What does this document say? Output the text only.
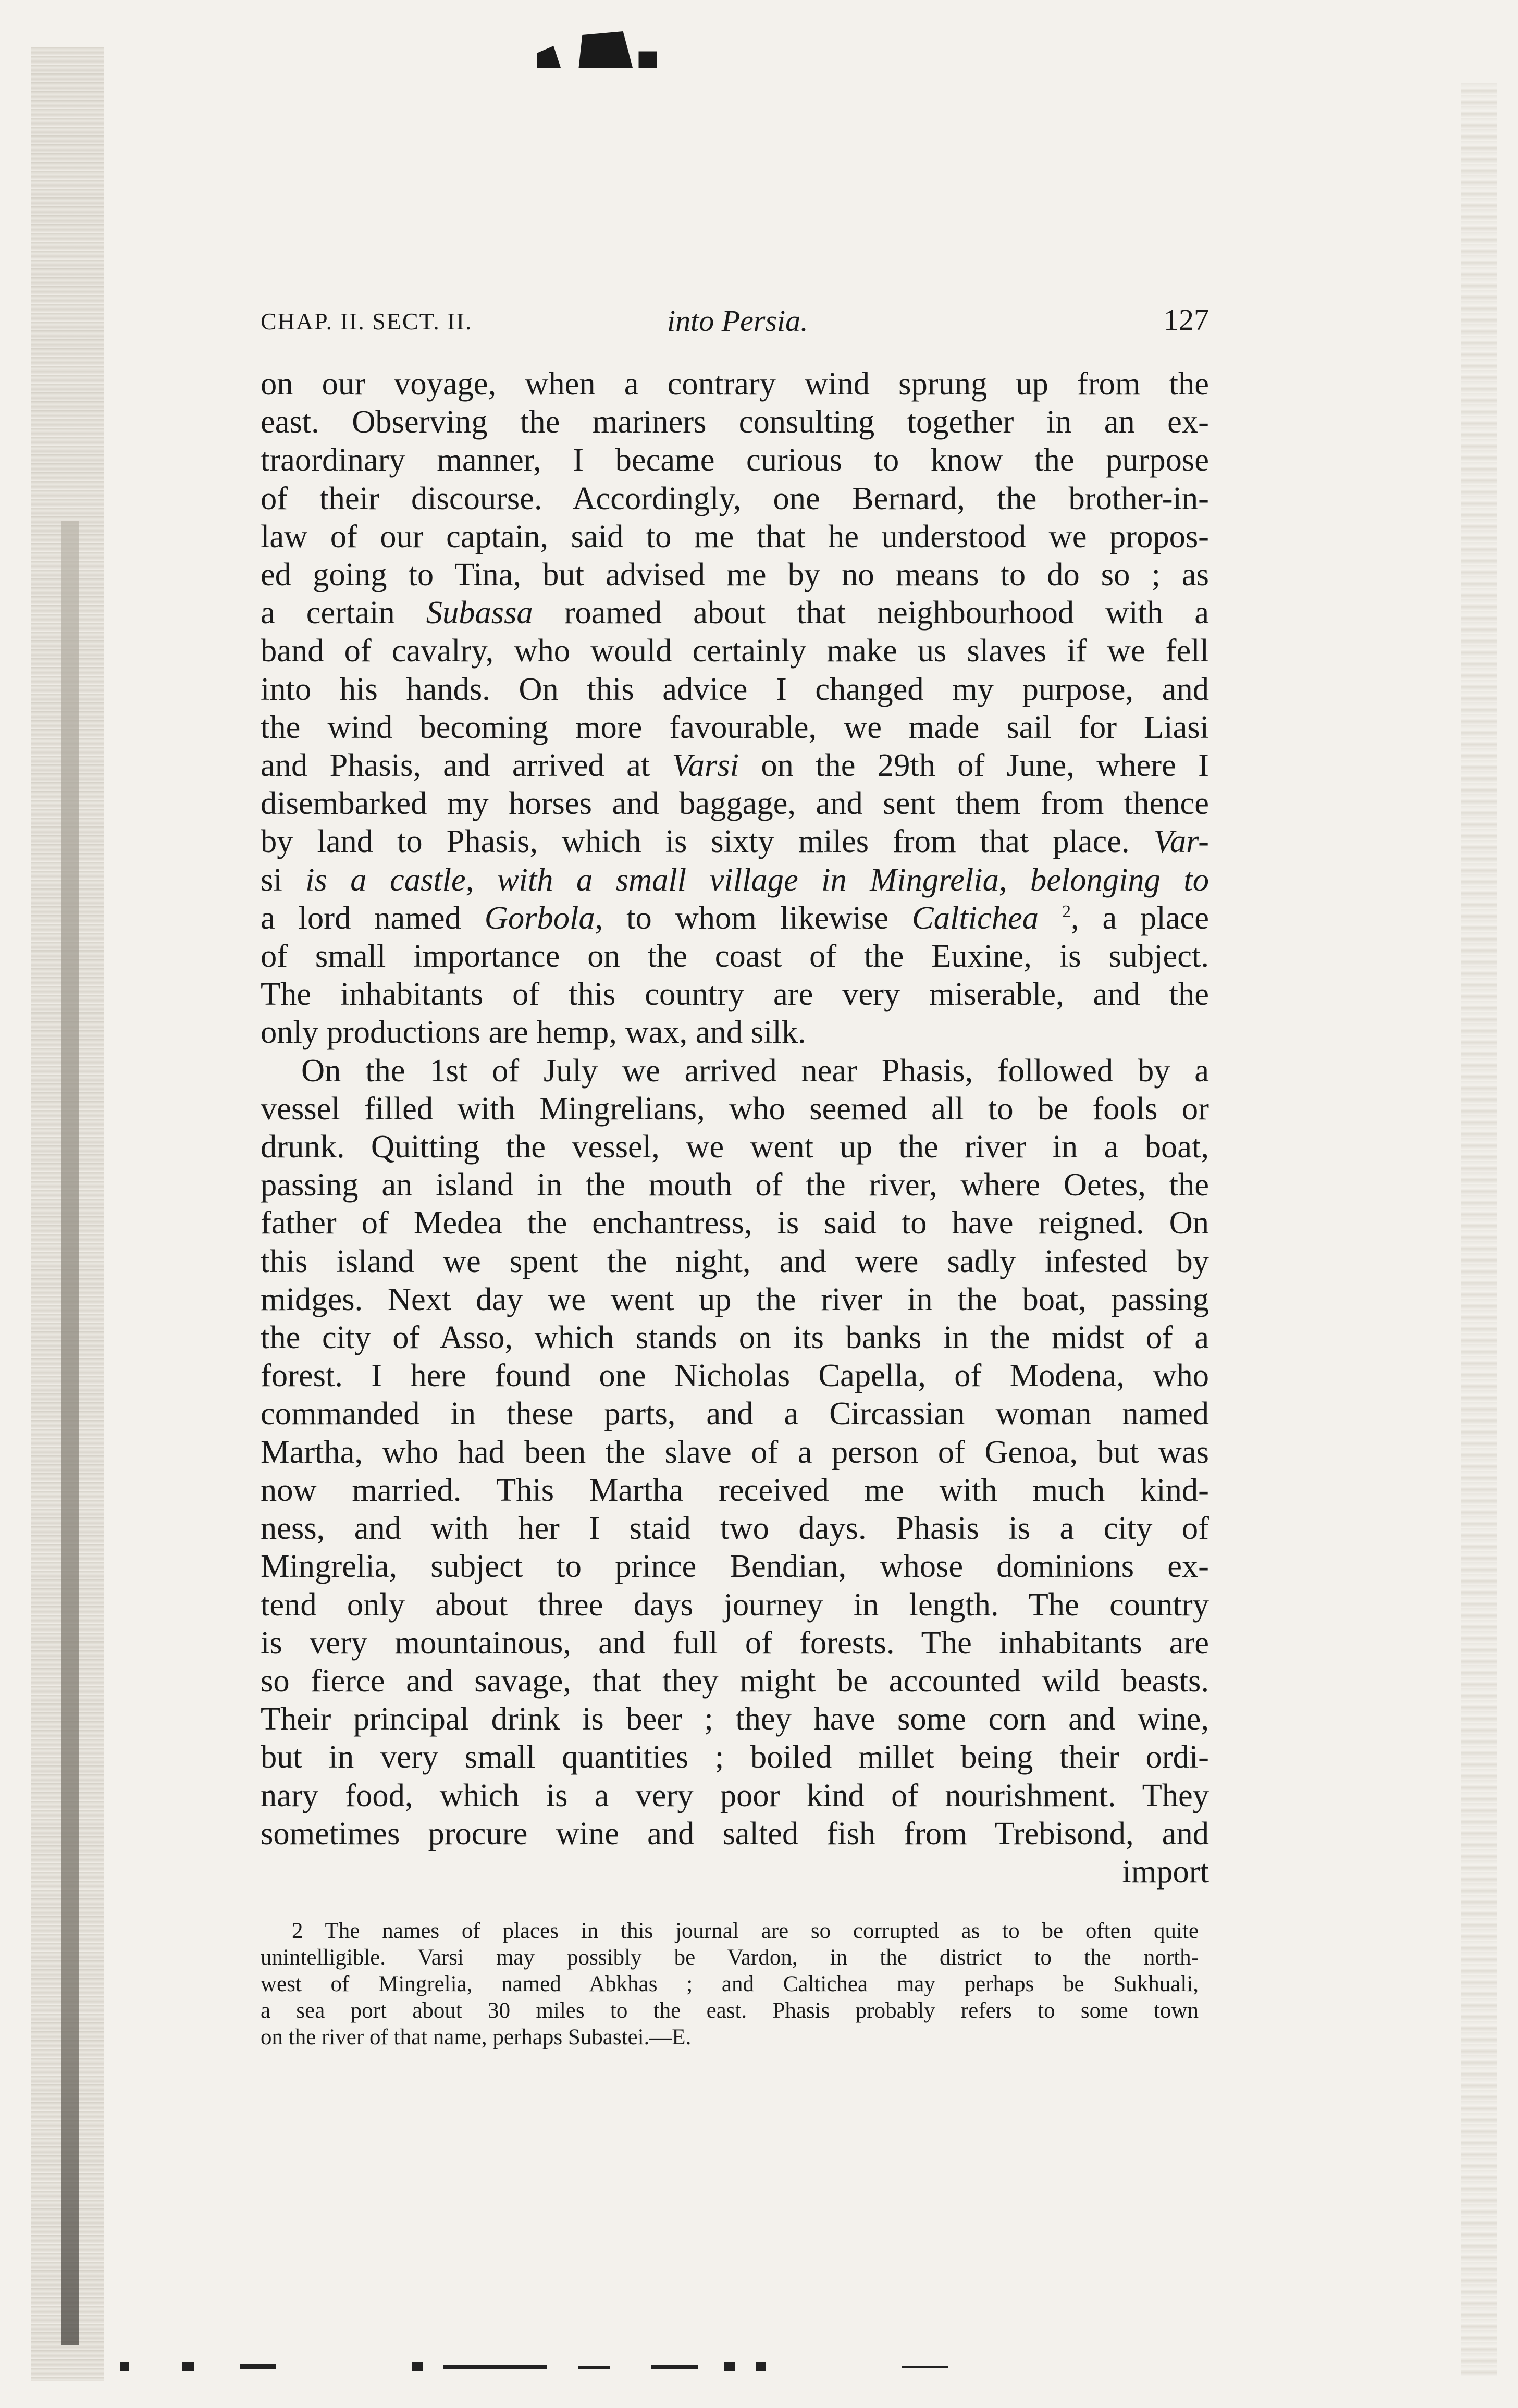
CHAP. II. SECT. II.	into Persia.	127
on our voyage, when a contrary wind sprung up from the
east. Observing the mariners consulting together in an ex-
traordinary manner, I became curious to know the purpose
of their discourse. Accordingly, one Bernard, the brother-in-
law of our captain, said to me that he understood we propos-
ed going to Tina, but advised me by no means to do so ; as
a certain Subassa roamed about that neighbourhood with a
band of cavalry, who would certainly make us slaves if we fell
into his hands. On this advice I changed my purpose, and
the wind becoming more favourable, we made sail for Liasi
and Phasis, and arrived at Varsi on the 29th of June, where I
disembarked my horses and baggage, and sent them from thence
by land to Phasis, which is sixty miles from that place. Var-
si is a castle, with a small village in Mingrelia, belonging to
a lord named Gorbola, to whom likewise Caltichea $^2$, a place
of small importance on the coast of the Euxine, is subject.
The inhabitants of this country are very miserable, and the
only productions are hemp, wax, and silk.
On the 1st of July we arrived near Phasis, followed by a
vessel filled with Mingrelians, who seemed all to be fools or
drunk. Quitting the vessel, we went up the river in a boat,
passing an island in the mouth of the river, where Oetes, the
father of Medea the enchantress, is said to have reigned. On
this island we spent the night, and were sadly infested by
midges. Next day we went up the river in the boat, passing
the city of Asso, which stands on its banks in the midst of a
forest. I here found one Nicholas Capella, of Modena, who
commanded in these parts, and a Circassian woman named
Martha, who had been the slave of a person of Genoa, but was
now married. This Martha received me with much kind-
ness, and with her I staid two days. Phasis is a city of
Mingrelia, subject to prince Bendian, whose dominions ex-
tend only about three days journey in length. The country
is very mountainous, and full of forests. The inhabitants are
so fierce and savage, that they might be accounted wild beasts.
Their principal drink is beer ; they have some corn and wine,
but in very small quantities ; boiled millet being their ordi-
nary food, which is a very poor kind of nourishment. They
sometimes procure wine and salted fish from Trebisond, and
import
2 The names of places in this journal are so corrupted as to be often quite
unintelligible. Varsi may possibly be Vardon, in the district to the north-
west of Mingrelia, named Abkhas ; and Caltichea may perhaps be Sukhuali,
a sea port about 30 miles to the east. Phasis probably refers to some town
on the river of that name, perhaps Subastei.—E.
